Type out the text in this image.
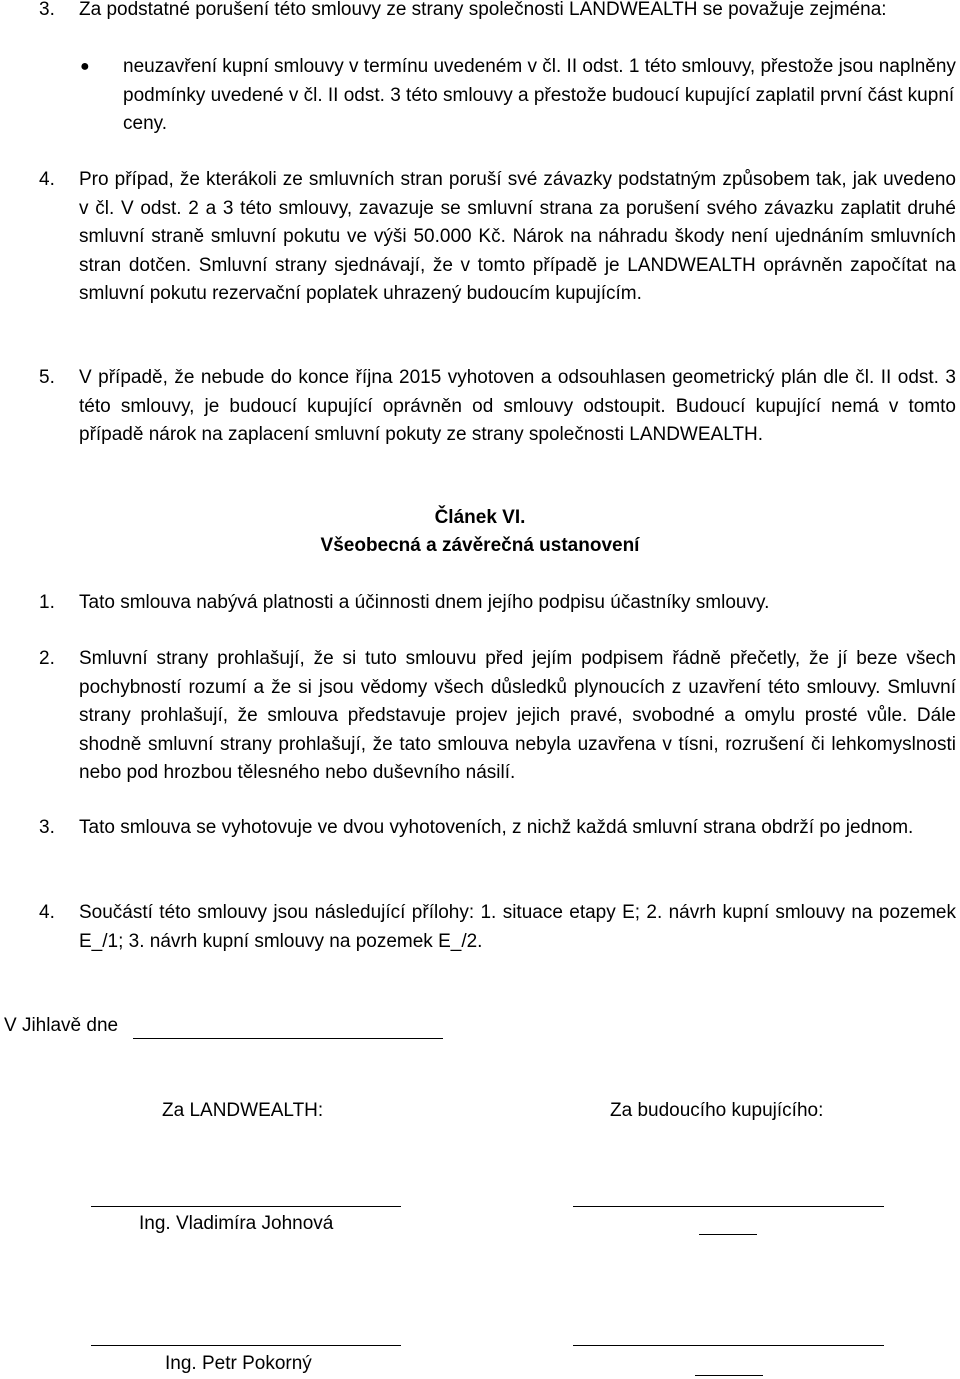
3. Za podstatné porušení této smlouvy ze strany společnosti LANDWEALTH se považuje zejména:
● neuzavření kupní smlouvy v termínu uvedeném v čl. II odst. 1 této smlouvy, přestože jsou naplněny podmínky uvedené v čl. II odst. 3 této smlouvy a přestože budoucí kupující zaplatil první část kupní ceny.
4. Pro případ, že kterákoli ze smluvních stran poruší své závazky podstatným způsobem tak, jak uvedeno v čl. V odst. 2 a 3 této smlouvy, zavazuje se smluvní strana za porušení svého závazku zaplatit druhé smluvní straně smluvní pokutu ve výši 50.000 Kč. Nárok na náhradu škody není ujednáním smluvních stran dotčen. Smluvní strany sjednávají, že v tomto případě je LANDWEALTH oprávněn započítat na smluvní pokutu rezervační poplatek uhrazený budoucím kupujícím.
5. V případě, že nebude do konce října 2015 vyhotoven a odsouhlasen geometrický plán dle čl. II odst. 3 této smlouvy, je budoucí kupující oprávněn od smlouvy odstoupit. Budoucí kupující nemá v tomto případě nárok na zaplacení smluvní pokuty ze strany společnosti LANDWEALTH.
Článek VI.
Všeobecná a závěrečná ustanovení
1. Tato smlouva nabývá platnosti a účinnosti dnem jejího podpisu účastníky smlouvy.
2. Smluvní strany prohlašují, že si tuto smlouvu před jejím podpisem řádně přečetly, že jí beze všech pochybností rozumí a že si jsou vědomy všech důsledků plynoucích z uzavření této smlouvy. Smluvní strany prohlašují, že smlouva představuje projev jejich pravé, svobodné a omylu prosté vůle. Dále shodně smluvní strany prohlašují, že tato smlouva nebyla uzavřena v tísni, rozrušení či lehkomyslnosti nebo pod hrozbou tělesného nebo duševního násilí.
3. Tato smlouva se vyhotovuje ve dvou vyhotoveních, z nichž každá smluvní strana obdrží po jednom.
4. Součástí této smlouvy jsou následující přílohy: 1. situace etapy E; 2. návrh kupní smlouvy na pozemek E_/1; 3. návrh kupní smlouvy na pozemek E_/2.
V Jihlavě dne
Za LANDWEALTH:	Za budoucího kupujícího:
Ing. Vladimíra Johnová
Ing. Petr Pokorný
